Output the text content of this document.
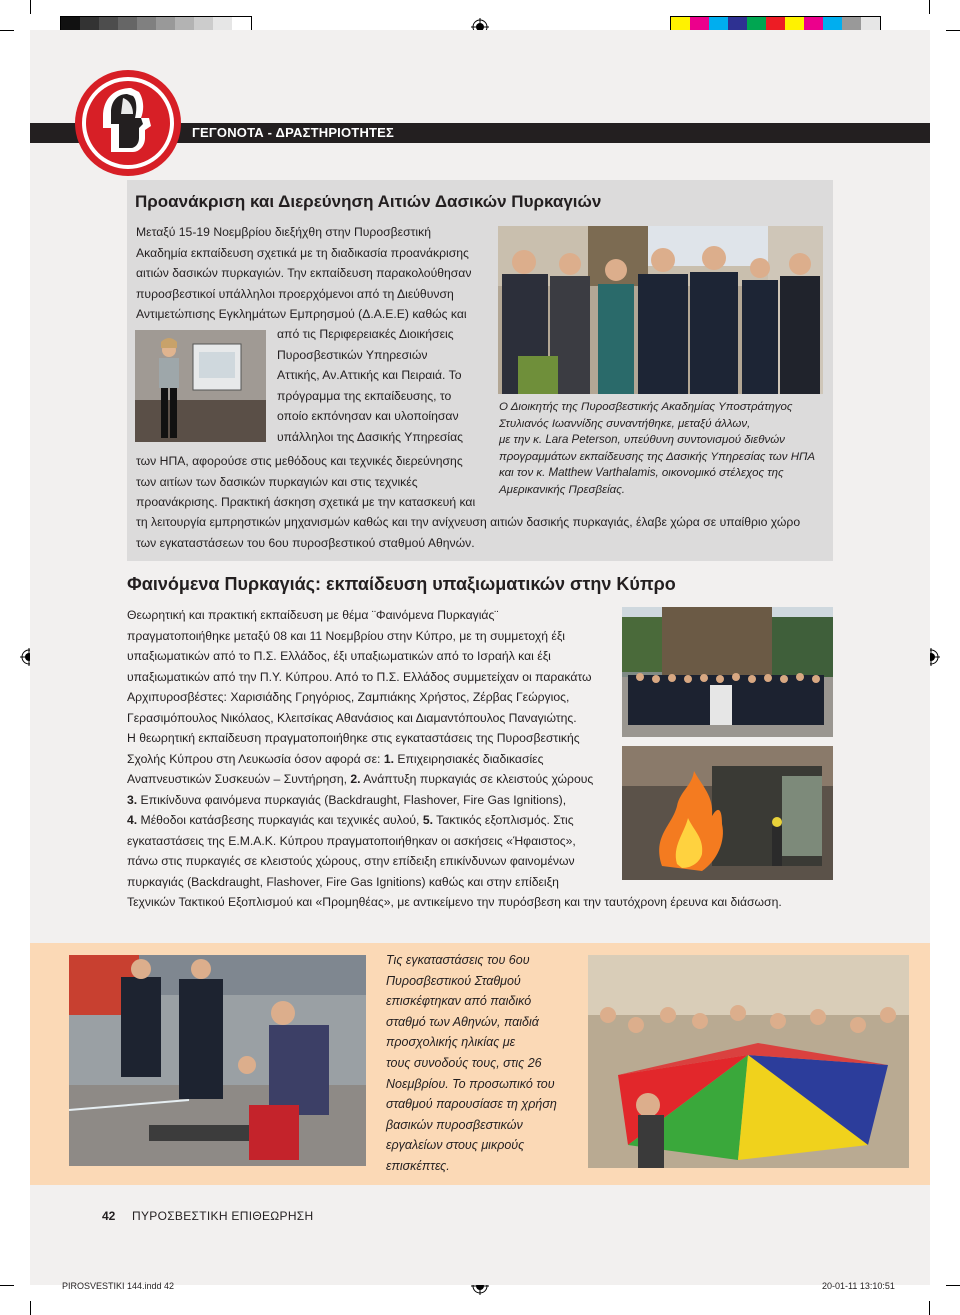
ΓΕΓΟΝΟΤΑ - ΔΡΑΣΤΗΡΙΟΤΗΤΕΣ
Προανάκριση και Διερεύνηση Αιτιών Δασικών Πυρκαγιών
Μεταξύ 15-19 Νοεμβρίου διεξήχθη στην Πυροσβεστική
Ακαδημία εκπαίδευση σχετικά με τη διαδικασία προανάκρισης
αιτιών δασικών πυρκαγιών. Την εκπαίδευση παρακολούθησαν
πυροσβεστικοί υπάλληλοι προερχόμενοι από τη Διεύθυνση
Αντιμετώπισης Εγκλημάτων Εμπρησμού (Δ.Α.Ε.Ε) καθώς και
από τις Περιφερειακές Διοικήσεις
Πυροσβεστικών Υπηρεσιών
Αττικής, Αν.Αττικής και Πειραιά. Το
πρόγραμμα της εκπαίδευσης, το
οποίο εκπόνησαν και υλοποίησαν
υπάλληλοι της Δασικής Υπηρεσίας
των ΗΠΑ, αφορούσε στις μεθόδους και τεχνικές διερεύνησης
των αιτίων των δασικών πυρκαγιών και στις τεχνικές
προανάκρισης. Πρακτική άσκηση σχετικά με την κατασκευή και
τη λειτουργία εμπρηστικών μηχανισμών καθώς και την ανίχνευση αιτιών δασικής πυρκαγιάς, έλαβε χώρα σε υπαίθριο χώρο
των εγκαταστάσεων του 6ου πυροσβεστικού σταθμού Αθηνών.
Ο Διοικητής της Πυροσβεστικής Ακαδημίας Υποστράτηγος
Στυλιανός Ιωαννίδης συναντήθηκε, μεταξύ άλλων,
με την κ. Lara Peterson, υπεύθυνη συντονισμού διεθνών
προγραμμάτων εκπαίδευσης της Δασικής Υπηρεσίας των ΗΠΑ
και τον κ. Matthew Varthalamis, οικονομικό στέλεχος της
Αμερικανικής Πρεσβείας.
Φαινόμενα Πυρκαγιάς: εκπαίδευση υπαξιωματικών στην Κύπρο
Θεωρητική και πρακτική εκπαίδευση με θέμα ¨Φαινόμενα Πυρκαγιάς¨
πραγματοποιήθηκε μεταξύ 08 και 11 Νοεμβρίου στην Κύπρο, με τη συμμετοχή έξι
υπαξιωματικών από το Π.Σ. Ελλάδος, έξι υπαξιωματικών από το Ισραήλ και έξι
υπαξιωματικών από την Π.Υ. Κύπρου. Από το Π.Σ. Ελλάδος συμμετείχαν οι παρακάτω
Αρχιπυροσβέστες: Χαρισιάδης Γρηγόριος, Ζαμπιάκης Χρήστος, Ζέρβας Γεώργιος,
Γερασιμόπουλος Νικόλαος, Κλειτσίκας Αθανάσιος και Διαμαντόπουλος Παναγιώτης.
Η θεωρητική εκπαίδευση πραγματοποιήθηκε στις εγκαταστάσεις της Πυροσβεστικής
Σχολής Κύπρου στη Λευκωσία όσον αφορά σε: 1. Επιχειρησιακές διαδικασίες
Αναπνευστικών Συσκευών – Συντήρηση, 2. Ανάπτυξη πυρκαγιάς σε κλειστούς χώρους
3. Επικίνδυνα φαινόμενα πυρκαγιάς (Backdraught, Flashover, Fire Gas Ignitions),
4. Μέθοδοι κατάσβεσης πυρκαγιάς και τεχνικές αυλού, 5. Τακτικός εξοπλισμός. Στις
εγκαταστάσεις της Ε.Μ.Α.Κ. Κύπρου πραγματοποιήθηκαν οι ασκήσεις «Ήφαιστος»,
πάνω στις πυρκαγιές σε κλειστούς χώρους, στην επίδειξη επικίνδυνων φαινομένων
πυρκαγιάς (Backdraught, Flashover, Fire Gas Ignitions) καθώς και στην επίδειξη
Τεχνικών Τακτικού Εξοπλισμού και «Προμηθέας», με αντικείμενο την πυρόσβεση και την ταυτόχρονη έρευνα και διάσωση.
Τις εγκαταστάσεις του 6ου
Πυροσβεστικού Σταθμού
επισκέφτηκαν από παιδικό
σταθμό των Αθηνών, παιδιά
προσχολικής ηλικίας με
τους συνοδούς τους, στις 26
Νοεμβρίου. Το προσωπικό του
σταθμού παρουσίασε τη χρήση
βασικών πυροσβεστικών
εργαλείων στους μικρούς
επισκέπτες.
42 ΠΥΡΟΣΒΕΣΤΙΚΗ ΕΠΙΘΕΩΡΗΣΗ
PIROSVESTIKI 144.indd 42	20-01-11 13:10:51
